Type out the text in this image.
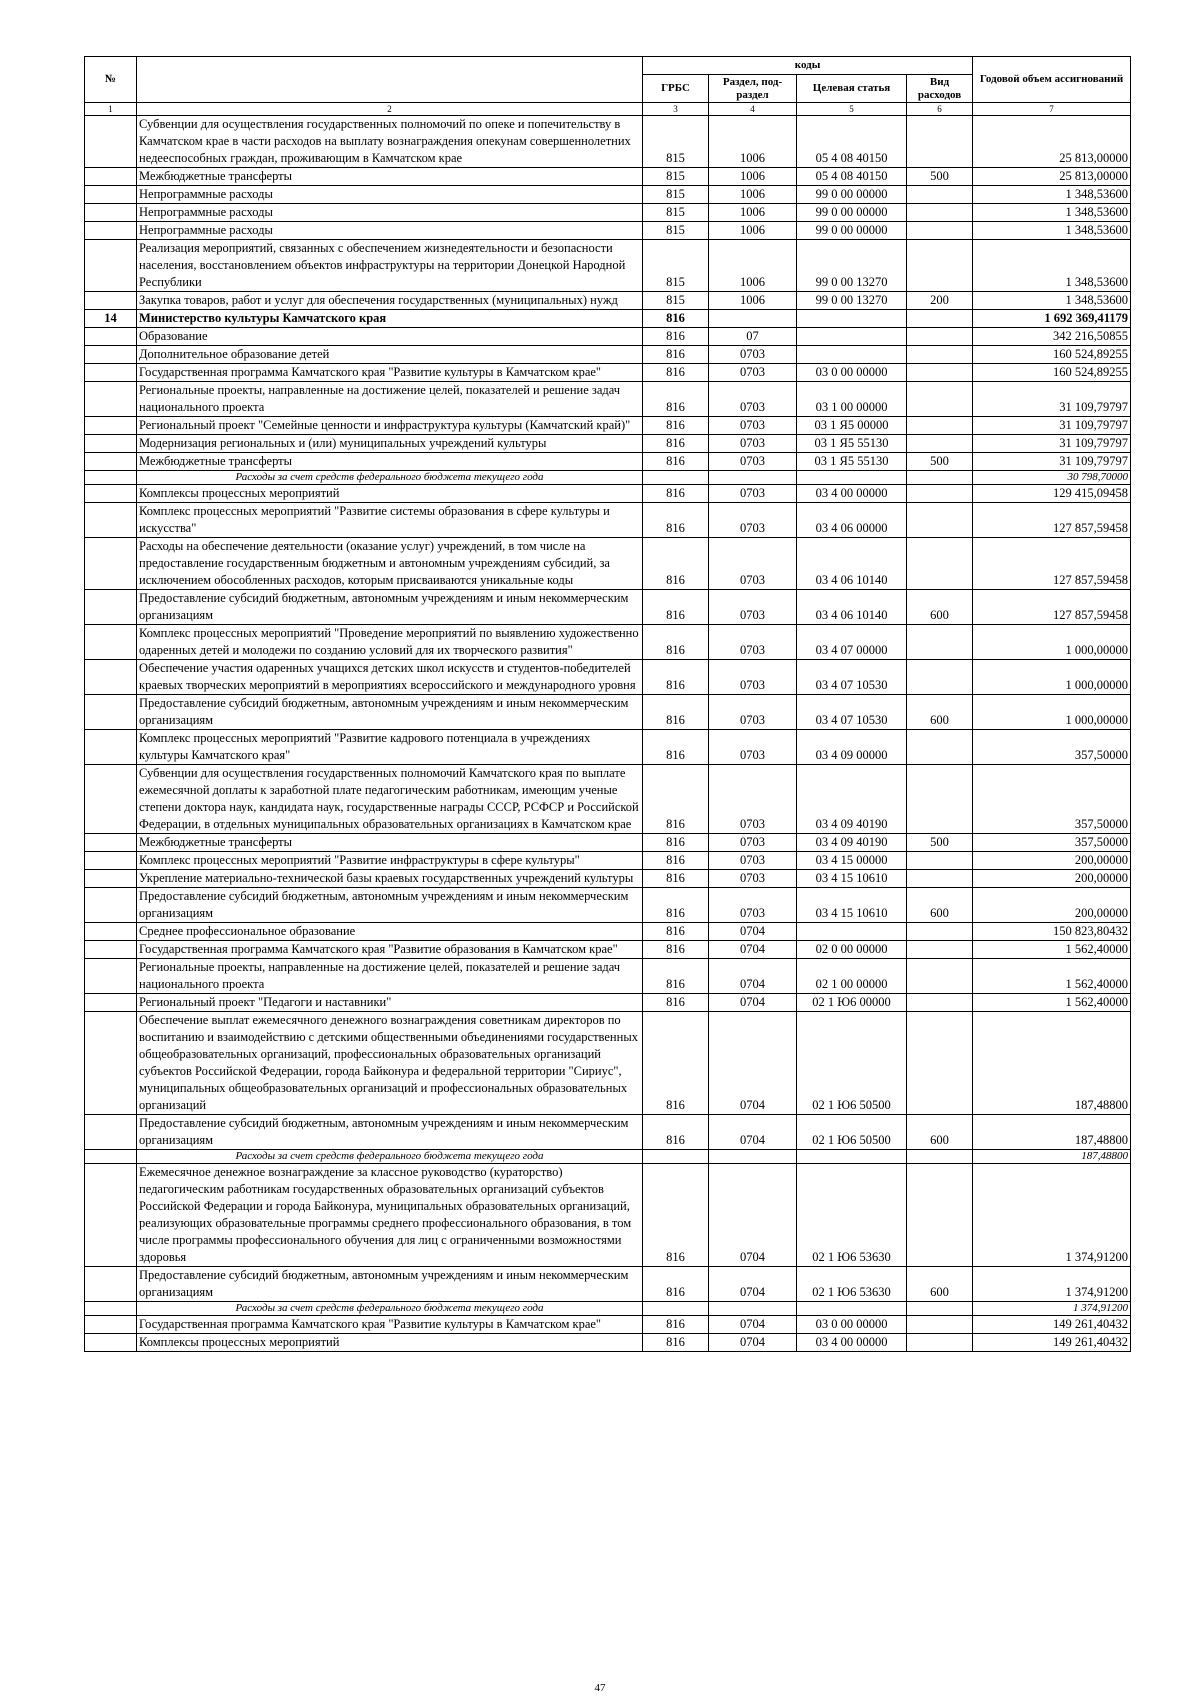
№		коды				Годовой объем ассигнований
		ГРБС	Раздел, под-раздел	Целевая статья	Вид расходов	
1	2	3	4	5	6	7
	Субвенции для осуществления государственных полномочий по опеке и попечительству в Камчатском крае в части расходов на выплату вознаграждения опекунам совершеннолетних недееспособных граждан, проживающим в Камчатском крае	815	1006	05 4 08 40150		25 813,00000
	Межбюджетные трансферты	815	1006	05 4 08 40150	500	25 813,00000
	Непрограммные расходы	815	1006	99 0 00 00000		1 348,53600
	Непрограммные расходы	815	1006	99 0 00 00000		1 348,53600
	Непрограммные расходы	815	1006	99 0 00 00000		1 348,53600
	Реализация мероприятий, связанных с обеспечением жизнедеятельности и безопасности населения, восстановлением объектов инфраструктуры на территории Донецкой Народной Республики	815	1006	99 0 00 13270		1 348,53600
	Закупка товаров, работ и услуг для обеспечения государственных (муниципальных) нужд	815	1006	99 0 00 13270	200	1 348,53600
14	Министерство культуры Камчатского края	816				1 692 369,41179
	Образование	816	07			342 216,50855
	Дополнительное образование детей	816	0703			160 524,89255
	Государственная программа Камчатского края "Развитие культуры в Камчатском крае"	816	0703	03 0 00 00000		160 524,89255
	Региональные проекты, направленные на достижение целей, показателей и решение задач национального проекта	816	0703	03 1 00 00000		31 109,79797
	Региональный проект "Семейные ценности и инфраструктура культуры (Камчатский край)"	816	0703	03 1 Я5 00000		31 109,79797
	Модернизация региональных и (или) муниципальных учреждений культуры	816	0703	03 1 Я5 55130		31 109,79797
	Межбюджетные трансферты	816	0703	03 1 Я5 55130	500	31 109,79797
	Расходы за счет средств федерального бюджета текущего года					30 798,70000
	Комплексы процессных мероприятий	816	0703	03 4 00 00000		129 415,09458
	Комплекс процессных мероприятий "Развитие системы образования в сфере культуры и искусства"	816	0703	03 4 06 00000		127 857,59458
	Расходы на обеспечение деятельности (оказание услуг) учреждений, в том числе на предоставление государственным бюджетным и автономным учреждениям субсидий, за исключением обособленных расходов, которым присваиваются уникальные коды	816	0703	03 4 06 10140		127 857,59458
	Предоставление субсидий бюджетным, автономным учреждениям и иным некоммерческим организациям	816	0703	03 4 06 10140	600	127 857,59458
	Комплекс процессных мероприятий "Проведение мероприятий по выявлению художественно одаренных детей и молодежи по созданию условий для их творческого развития"	816	0703	03 4 07 00000		1 000,00000
	Обеспечение участия одаренных учащихся детских школ искусств и студентов-победителей краевых творческих мероприятий в мероприятиях всероссийского и международного уровня	816	0703	03 4 07 10530		1 000,00000
	Предоставление субсидий бюджетным, автономным учреждениям и иным некоммерческим организациям	816	0703	03 4 07 10530	600	1 000,00000
	Комплекс процессных мероприятий "Развитие кадрового потенциала в учреждениях культуры Камчатского края"	816	0703	03 4 09 00000		357,50000
	Субвенции для осуществления государственных полномочий Камчатского края по выплате ежемесячной доплаты к заработной плате педагогическим работникам, имеющим ученые степени доктора наук, кандидата наук, государственные награды СССР, РСФСР и Российской Федерации, в отдельных муниципальных образовательных организациях в Камчатском крае	816	0703	03 4 09 40190		357,50000
	Межбюджетные трансферты	816	0703	03 4 09 40190	500	357,50000
	Комплекс процессных мероприятий "Развитие инфраструктуры в сфере культуры"	816	0703	03 4 15 00000		200,00000
	Укрепление материально-технической базы краевых государственных учреждений культуры	816	0703	03 4 15 10610		200,00000
	Предоставление субсидий бюджетным, автономным учреждениям и иным некоммерческим организациям	816	0703	03 4 15 10610	600	200,00000
	Среднее профессиональное образование	816	0704			150 823,80432
	Государственная программа Камчатского края "Развитие образования в Камчатском крае"	816	0704	02 0 00 00000		1 562,40000
	Региональные проекты, направленные на достижение целей, показателей и решение задач национального проекта	816	0704	02 1 00 00000		1 562,40000
	Региональный проект "Педагоги и наставники"	816	0704	02 1 Ю6 00000		1 562,40000
	Обеспечение выплат ежемесячного денежного вознаграждения советникам директоров по воспитанию и взаимодействию с детскими общественными объединениями государственных общеобразовательных организаций, профессиональных образовательных организаций субъектов Российской Федерации, города Байконура и федеральной территории "Сириус", муниципальных общеобразовательных организаций и профессиональных образовательных организаций	816	0704	02 1 Ю6 50500		187,48800
	Предоставление субсидий бюджетным, автономным учреждениям и иным некоммерческим организациям	816	0704	02 1 Ю6 50500	600	187,48800
	Расходы за счет средств федерального бюджета текущего года					187,48800
	Ежемесячное денежное вознаграждение за классное руководство (кураторство) педагогическим работникам государственных образовательных организаций субъектов Российской Федерации и города Байконура, муниципальных образовательных организаций, реализующих образовательные программы среднего профессионального образования, в том числе программы профессионального обучения для лиц с ограниченными возможностями здоровья	816	0704	02 1 Ю6 53630		1 374,91200
	Предоставление субсидий бюджетным, автономным учреждениям и иным некоммерческим организациям	816	0704	02 1 Ю6 53630	600	1 374,91200
	Расходы за счет средств федерального бюджета текущего года					1 374,91200
	Государственная программа Камчатского края "Развитие культуры в Камчатском крае"	816	0704	03 0 00 00000		149 261,40432
	Комплексы процессных мероприятий	816	0704	03 4 00 00000		149 261,40432
47
